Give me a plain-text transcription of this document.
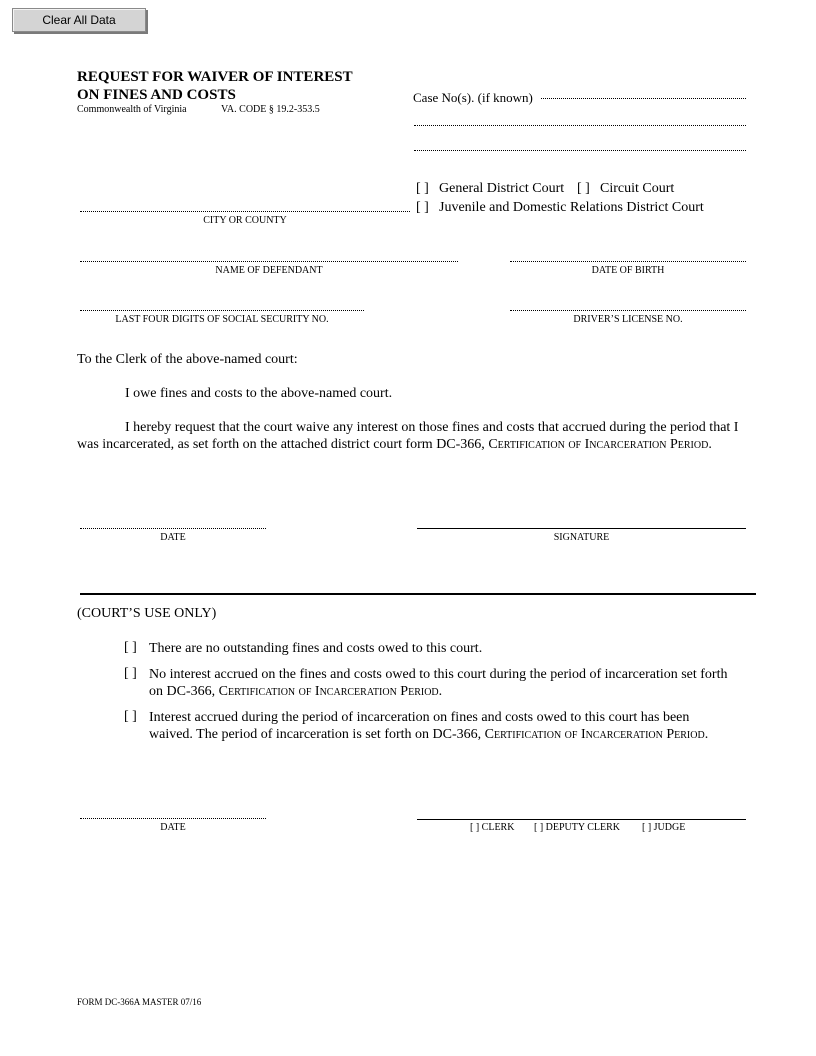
Clear All Data
REQUEST FOR WAIVER OF INTEREST
ON FINES AND COSTS
Commonwealth of Virginia	VA. CODE § 19.2-353.5
Case No(s). (if known)
[ ] General District Court [ ] Circuit Court
[ ] Juvenile and Domestic Relations District Court
CITY OR COUNTY
NAME OF DEFENDANT	DATE OF BIRTH
LAST FOUR DIGITS OF SOCIAL SECURITY NO.	DRIVER’S LICENSE NO.
To the Clerk of the above-named court:
I owe fines and costs to the above-named court.
I hereby request that the court waive any interest on those fines and costs that accrued during the period that I was incarcerated, as set forth on the attached district court form DC-366, Certification of Incarceration Period.
DATE	SIGNATURE
(COURT’S USE ONLY)
[ ] There are no outstanding fines and costs owed to this court.
[ ] No interest accrued on the fines and costs owed to this court during the period of incarceration set forth on DC-366, Certification of Incarceration Period.
[ ] Interest accrued during the period of incarceration on fines and costs owed to this court has been waived. The period of incarceration is set forth on DC-366, Certification of Incarceration Period.
DATE	[ ] CLERK [ ] DEPUTY CLERK [ ] JUDGE
FORM DC-366A MASTER 07/16
